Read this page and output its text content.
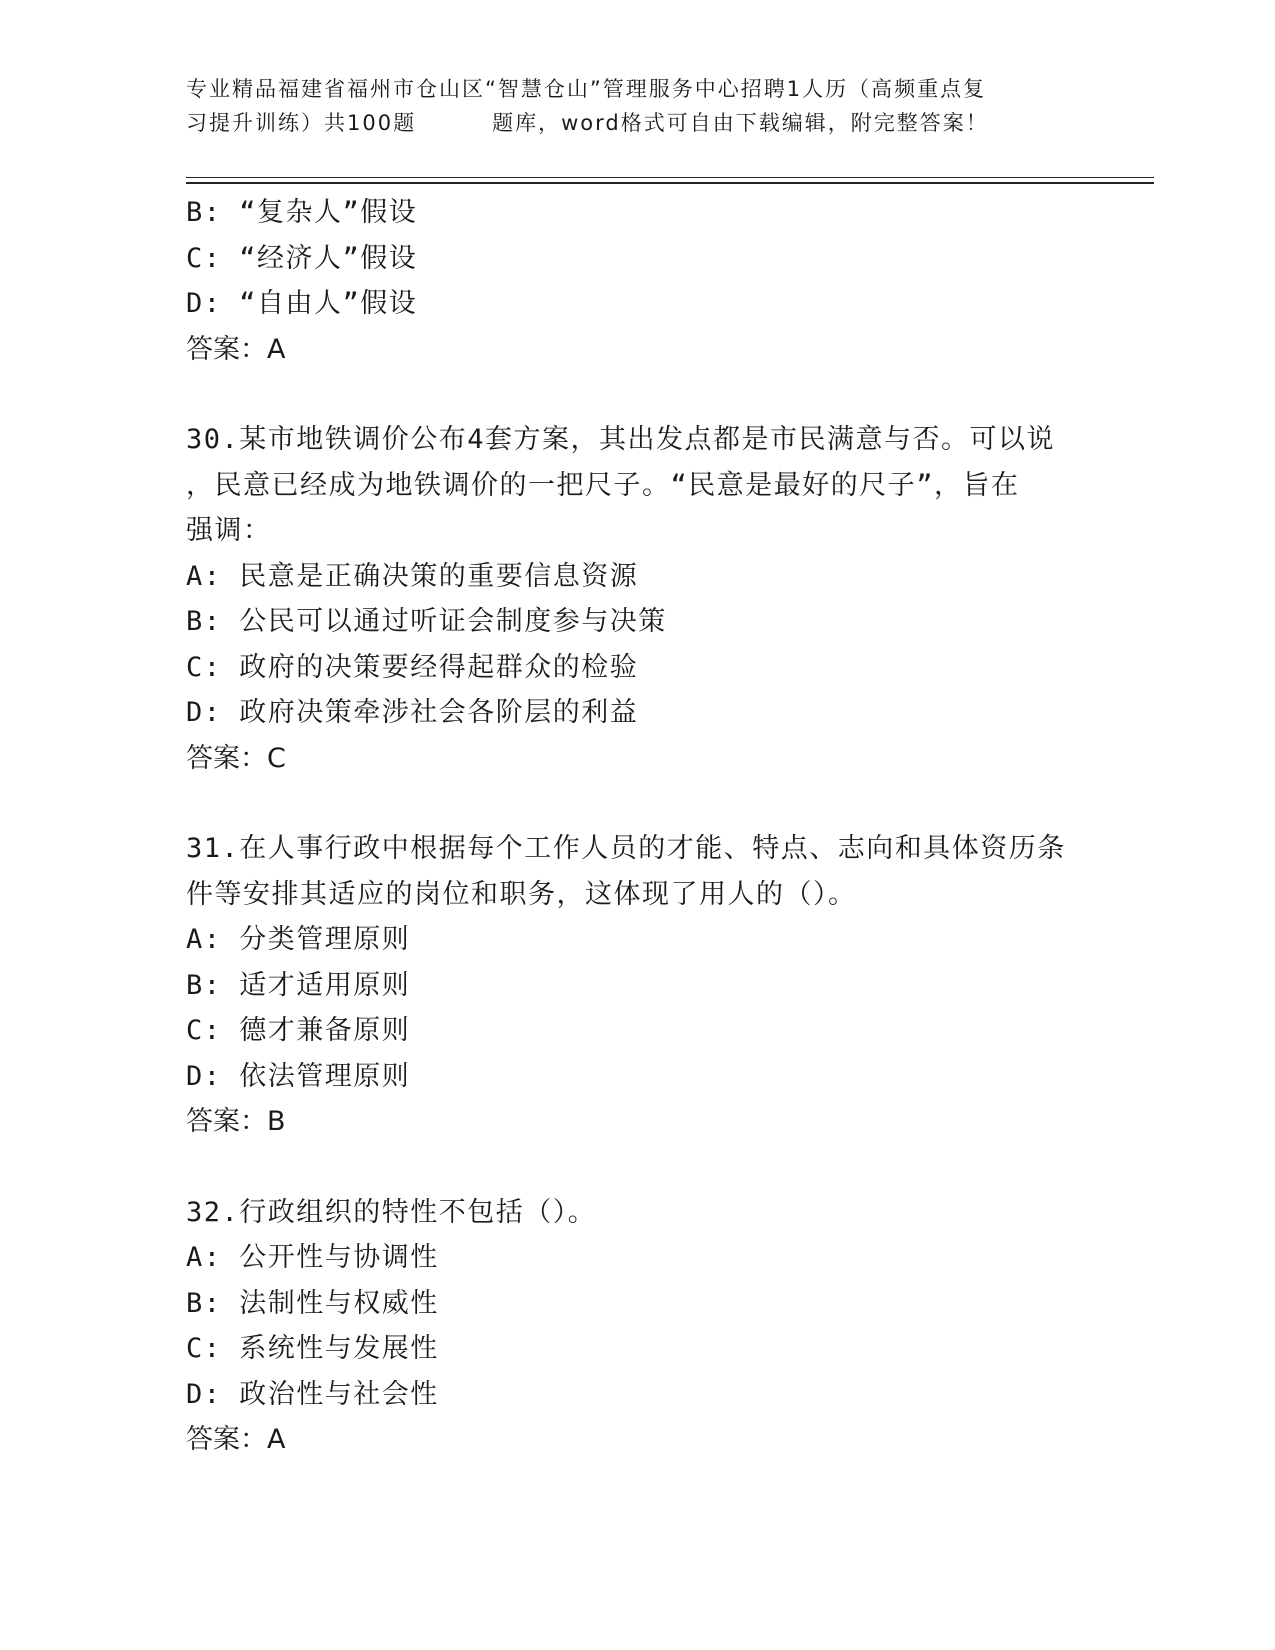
专业精品福建省福州市仓山区“智慧仓山”管理服务中心招聘1人历（高频重点复
习提升训练）共100题	题库，word格式可自由下载编辑，附完整答案！
B: “复杂人”假设
C: “经济人”假设
D: “自由人”假设
答案：A
30.某市地铁调价公布4套方案，其出发点都是市民满意与否。可以说
，民意已经成为地铁调价的一把尺子。“民意是最好的尺子”，旨在
强调：
A: 民意是正确决策的重要信息资源
B: 公民可以通过听证会制度参与决策
C: 政府的决策要经得起群众的检验
D: 政府决策牵涉社会各阶层的利益
答案：C
31.在人事行政中根据每个工作人员的才能、特点、志向和具体资历条
件等安排其适应的岗位和职务，这体现了用人的（）。
A: 分类管理原则
B: 适才适用原则
C: 德才兼备原则
D: 依法管理原则
答案：B
32.行政组织的特性不包括（）。
A: 公开性与协调性
B: 法制性与权威性
C: 系统性与发展性
D: 政治性与社会性
答案：A
